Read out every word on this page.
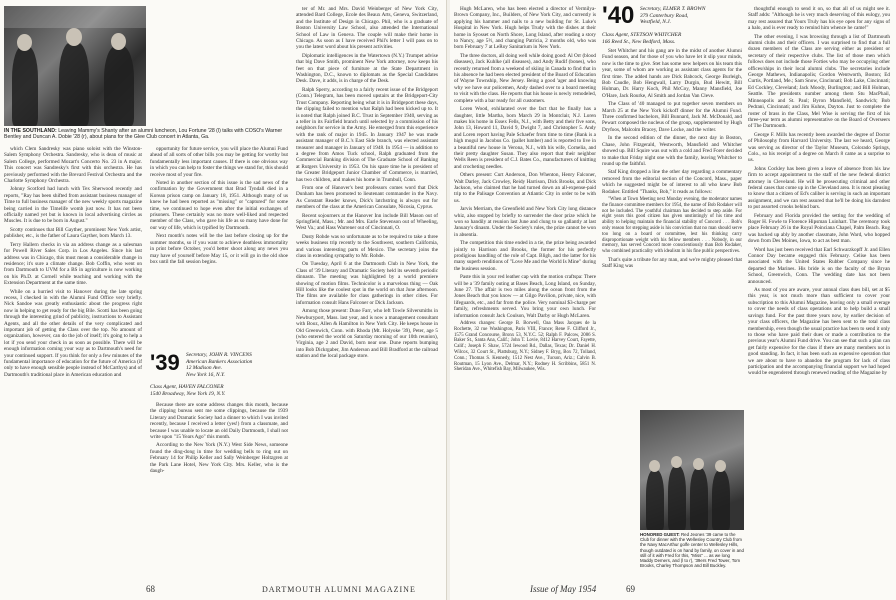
IN THE SOUTHLAND: Leaving Mammy's Shanty after an alumni luncheon, Lou Fortune '28 (l) talks with COSO's Warner Bentley and Duncan A. Dobie '28 (r), about plans for the Glee Club concert in Atlanta, Ga.

which Clem Sandresky was piano soloist with the Winston-Salem Symphony Orchestra. Sandresky, who is dean of music at Salem College, performed Mozart's Concerto No. 23 in A major. This concert was Sandresky's first with this orchestra. He has previously performed with the Brevard Festival Orchestra and the Charlotte Symphony Orchestra.

Johnny Scotford had lunch with Tex Sherwood recently and reports, "Ray has been shifted from assistant business manager of Time to full business manager of the new weekly sports magazine being carried in the Timelife womb just now. It has not been officially named yet but is known in local advertising circles as Muscles. It is due to be born in August."

Scotty continues that Bill Gayther, prominent New York artist, publisher, etc., is the father of Laura Gayther, born March 13.

Terry Hallern checks in via an address change as a salesman for Powell River Sales Corp. in Los Angeles. Since his last address was in Chicago, this must mean a considerable change in residence; it's sure a climate change. Bob Coffin, who went on from Dartmouth to UVM for a BS in agriculture is now working on his Ph.D. at Cornell while teaching and working with the Extension Department at the same time.

While on a hurried visit to Hanover during the late spring recess, I checked in with the Alumni Fund Office very briefly. Nick Sandoe was greatly enthusiastic about the progress right now in helping to get ready for the big Bile. Scotti has been going through the interesting grind of publicity, instructions to Assistant Agents, and all the other details of the very complicated and important job of getting the Class over the top. No amount of organization, however, can do the job of itself; it's going to help a lot if you send your check in as soon as possible. There will be enough information coming your way as to Dartmouth's need for your continued support. If you think for only a few minutes of the fundamental importance of education for the future of America (if only to have enough sensible people instead of McCarthys) and of Dartmouth's traditional place in American education and

opportunity for future service, you will place the Alumni Fund ahead of all sorts of other bills you may be getting for worthy but fundamentally less important causes. If there is one obvious way in which you can help to foster the things we stand for, this should receive most of your fire.

Noted in another section of this issue is the sad news of the confirmation by the Government that Brad Tyndall died in a Korean prison camp on January 18, 1951. Although many of us knew he had been reported as "missing" or "captured" for some time, we continued to hope even after the initial exchanges of prisoners. These certainly was no more well-liked and respected member of the Class, who gave his life as so many have done for our way of life, which is typified by Dartmouth.

Next month's notes will be the last before closing up for the summer months, so if you want to achieve deathless immortality in print before October, you'd better shoot along any news you may have of yourself before May 15, or it will go in the old shoe box until the fall session begins.

'39 Secretary, JOHN R. VINCENS
American Bankers Association
12 Madison Ave.
New York 16, N.Y.
Class Agent, HAVEN FALCONER
1540 Broadway, New York 19, N.Y.

Because there are some address changes this month, because the clipping bureau sent me some clippings, because the 1939 Literary and Dramatic Society had a dinner to which I was invited recently, because I received a letter (yes!) from a classmate, and because I was unable to locate an old Daily Dartmouth, I shall not write upon "15 Years Ago" this month.

According to the New York (N.Y.) West Side News, someone found the ding-dong in time for wedding bells to ring out on February 14 for Philip Keller and Sally Weinberger Holtzgren at the Park Lane Hotel, New York City. Mrs. Keller, who is the daugh-

ter of Mr. and Mrs. David Weinberger of New York City, attended Bard College, Ecole des Beaux Arts, Geneva, Switzerland, and the Institute of Design in Chicago. Phil, who is a graduate of Boston University Law School, also attended the International School of Law in Geneva. The couple will make their home in Chicago. As soon as I have received Phil's letter I will pass on to you the latest word about his present activities.

Diplomatic intelligences in the Watertown (N.Y.) Trumpet advise that big Dave Smith, prominent New York attorney, now keeps his feet on that piece of furniture at the State Department in Washington, D.C., known to diplomats as the Special Candidates Desk. Dave, it adds, is in charge of the Desk.

Ralph Sperry, according to a fairly recent issue of the Bridgeport (Conn.) Telegram, has been moved upstairs at the Bridgeport-City Trust Company. Reporting being what it is in Bridgeport these days, the clipping failed to mention what Ralph had been kicked up to. It is noted that Ralph joined B.C. Trust in September 1940, serving as a teller in its Fairfield branch until selected by a commission of his neighbors for service in the Army. He emerged from this experience with the rank of major in 1945. In January 1947 he was made assistant manager of B.C.'s East Side branch, was elected assistant treasurer and manager in January of 1948. In 1954 — in addition to a degree from Amos Tuck school, Ralph graduated from the Commercial Banking division of The Graduate School of Banking at Rutgers University in 1953. On his spare time he is president of the Greater Bridgeport Junior Chamber of Commerce, is married, has two children, and makes his home in Trumbull, Conn.

From one of Hanover's best professors comes word that Dick Dunham has been promoted to lieutenant commander in the Navy. As Constant Reader knows, Dick's latchstring is always out for members of the class at the American Consulate, Nicosia, Cyprus.

Recent sojourners at the Hanover Inn include Bill Mason out of Springfield, Mass.; Mr. and Mrs. Earle Stevenson out of Wheeling, West Va.; and Hass Warrener out of Cincinnati, O.

Dusty Rohde was so unfortunate as to be required to take a three weeks business trip recently to the Southwest, southern California, and various interesting parts of Mexico. The secretary joins the class in extending sympathy to Mr. Rohde.

On Tuesday, April 6 at the Dartmouth Club in New York, the Class of '39 Literary and Dramatic Society held its seventh periodic dinnasm. The meeting was highlighted by a world premiere showing of motion films. Technicolor is a marvelous thing — Oak Hill looks like the coolest spot in the world on that June afternoon. The films are available for class gatherings in other cities. For information consult Hans Falconer or Dick Jackson.

Among those present: Dune Farr, who left Towle Silversmiths in Newburyport, Mass. last year, and is now a management consultant with Booz, Allen & Hamilton in New York City. He keeps house in Old Greenwich, Conn. with Rhoda (Mt. Holyoke '39), Peter, age 5 (who entered the world on Saturday morning of our 10th reunion), Virginia, age 2 and David, born near one. Dune reports bumping into Bob Dickrgaber, Jim Anderson and Bill Bradford at the railroad station and the local package store.

68	DARTMOUTH ALUMNI MAGAZINE

Hugh McLaren, who has been elected a director of Vermilya-Brown Company, Inc., Builders, of New York City, and currently is applying his hammer and nails to a new building for St. Luke's Hospital in New York. Hugh helps Trudy with the dishes at their home in Syosset on North Shore, Long Island, after reading a story to Nancy, age 5½, and changing Patricia, 2 months old, who was born February 7 at LeRoy Sanitarium in New York.

The three doctors, all doing well while doing good: Al Orr (blood diseases), Jack Kuhlke (all diseases), and Andy Rudif (bones), who recently returned from a weekend of skiing in Canada to find that in his absence he had been elected president of the Board of Education of Wayne Township, New Jersey. Being a good 'ager and knowing why we have our policemen, Andy dashed over to a board meeting to visit with the class. He reports that his house is newly remodeled, complete with a bar ready for all customers.

Loren Wood, exhilarated over the fact that he finally has a daughter, little Martha, born March 29 in Montclair, N.J. Loren makes his home in Essex Fells, N.J., with Betty and their five sons, John 13, Howard 11, David 9, Dwight 7, and Christopher 5. Andy and Loren report having Pale Schaefer from time to time (Bank is a high mogul in Jacobus Co. (pallet lumber) and is reported to live in a beautiful new house in Verona, N.J., with his wife, Cornelia, and their pretty daughter Susan. They also report that their neighbor Wells Reen is president of C.J. Bates Co., manufacturers of knitting and crocheting needles.

Others present: Curt Anderson, Don Whenton, Henry Falconer, Walt Darley, Jack Crowley, Reidy Harrison, Dick Brooks, and Dick Jackson, who claimed that he had turned down an all-expense-paid trip to the Palisage Convention at Atlantic City in order to be with us.

Jarvis Merriam, the Greenfield and New York City long distance whiz, also stopped by briefly to surrender the door prize which he won so handily at reunion last June and clung to so gallantly at last January's dinasm. Under the Society's rules, the prize cannot be won in absentia.

The competition this time ended in a tie, the prize being awarded jointly to Harrison and Brooks, the former for his perfectly prodigious handling of the role of Capt. Bligh, and the latter for his many superb renditions of "Love Me and the World Is Mine" during the business session.

Paste this in your red leather cap with the motion craftspa: There will be a '39 family outing at Bases Beach, Long Island, on Sunday, June 27. The affair is two miles along the ocean front from the Jones Beach that you know — at Gilgo Pavilion, private, nice, with lifeguards, etc., and far from the police. Very nominal $3-charge per family, refreshments served. You bring your own lunch. For information consult Jack Coulson, Walt Darby or Hugh McLaren.

Address changes: George B. Borwell, Oaa Mass Jacques de la Rochette, 32 rue Washington, Paris VIII, France; Rene F. Clifford Jr., 1575 Grand Concourse, Bronx 53, N.Y.C. 52; Ralph F. Palcow, 2086 S. Baker St., Santa Ana, Calif.; John T. Lovie, 8412 Harvey Court, Fayette, Calif.; Joseph F. Shaw, 5724 Iewood Rd., Dallas, Texas; Dr. Daniel H. Wilcox, 32 Court St., Plattsburg, N.Y.; Sidney F. Bryg, Box 72, Tolland, Conn.; Thomas S. Kennedy, 1512 Nest Ave., Tucson, Ariz.; Calvin B. Routman, 15 Lyon Ave., Delmar, N.Y.; Rodney H. Scribbins, 5851 N. Sheridan Ave., Whitefish Bay, Milwaukee, Wis.

'40 Secretary, ELMER T. BROWN
379 Canterbury Road,
Westfield, N.J.
Class Agent, STETSON WHITCHER
166 Reed St., New Bedford, Mass.

Stet Whitcher and his gang are in the midst of another Alumni Fund season, and for those of you who have let it slip your minds, now is the time to give. Stet has some new helpers on his team this year, some of whom are working as assistant class agents for the first time. The added hands are Dick Babcock, George Burleigh, Bob Caudle, Bob Hengwall, Larry Durgin, Bud Hewitt, Bill Holman, Dr. Harry Koch, Phil McCoy, Manny Mansfield, Joe O'Hare, Jack Rourke, Al Smith and Jordan Van Cleve.

The Class of '40 managed to put together seven members on March 25 at the New York kickoff dinner for the Alumni Fund. Three confirmed bachelors, Bill Bunnard, Jack M. McDonald, and Pewart composed the nucleus of the group, supplemented by Hugh Dryfoos, Malcolm Bracey, Dave Locke, and the writer.

In the second edition of the dinner, the next day in Boston, Chase, John Fitzgerald, Westworth, Mansfield and Whitcher showed up. Bill Squire was out with a cold and Fred Forer decided to make that Friday night one with the family, leaving Whitcher to round up the faithful.

Staf King dropped a line the other day regarding a commentary removed from the editorial section of the Concord, Mass., paper which he suggested might be of interest to all who knew Bob Rodaker. Entitled "Thanks, Bob," it reads as follows:

"When at Town Meeting next Monday evening, the moderator names the finance committee members for 1954, the name of Bob Rodaker will not be included. The youthful chairman has decided to step aside. For eight years this good citizen has given unstintingly of his time and ability to helping maintain the financial stability of Concord . . . Bob's only reason for stepping aside is his conviction that no man should serve too long on a board or committee, lest his thinking carry disproportionate weight with his fellow members . . . Nobody, in our memory, has served Concord more conscientiously than Bob Rodaker, who combined practicality with idealism in his fine public perspectives.

That's quite a tribute for any man, and we're mighty pleased that Staff King was

thoughtful enough to send it on, so that all of us might see it. Staff adds: "Although he is very much deserving of this eulogy, you may rest assured that Yours Truly has his eye open for any signs of a halo, and is ever ready to remind him whence he came!"

The other evening, I was browsing through a list of Dartmouth alumni clubs and their officers. I was surprised to find that a full dozen members of the Class are serving either as president or secretary of their respective clubs. The list of those men which follows does not include those Forties who may be occupying other offices/ships in their local alumni clubs. The secretaries include George Mathews, Indianapolis; Gordon Wentworth, Boston; Ed Curtis, Portland, Me.; Sam Snow, Cincinnati; Bob Lake, Cincinnati; Ed Cockley, Cleveland; Jack Moody, Burlington; and Bill Holman, Seattle. The presidents number among them Stu MacPhail, Minneapolis and St. Paul; Byron Mansfield, Sandwich; Bob Pedrani, Cincinnati; and Jim Kuhns, Dayton. Just to complete the roster of brass in the Class, Mel Wise is serving the first of his three-year term as alumni representative on the Board of Overseers of The Dartmouth.

George F. Mills has recently been awarded the degree of Doctor of Philosophy from Harvard University. The last we heard, George was serving as director of the Taylor Museum, Colorado Springs, Colo., so his receipt of a degree on March 8 came as a surprise to us.

Johns Cockley has been given a leave of absence from his law firm to accept appointment to the staff of the new federal district attorney in Cleveland. He will be prosecuting criminal and other federal cases that come up in the Cleveland area. It is most pleasing to know that a citizen of Ed's caliber is serving in such an important assignment, and we can rest assured that he'll be doing his darndest to put assorted crooks behind bars.

February and Florida provided the setting for the wedding of Roger H. Fowle to Florence Hipsman Luinhart. The ceremony took place February 26 in the Royal Poinciana Chapel, Palm Beach. Rog was backed up ably by another classmate, John Ward, who hopped down from Des Moines, Iowa, to act as best man.

Word has just been received that Earl Schwarzkopff Jr. and Ellen Connor Day became engaged this February. Celise has been associated with the United States Rubber Company since he departed the Marines. His bride is on the faculty of the Bryan School, Greenwich, Conn. The wedding date has not been announced.

As most of you are aware, your annual class dues bill, set at $5 this year, is not much more than sufficient to cover your subscription to this Alumni Magazine, leaving only a small overage to cover the needs of class operations and to help build a small savings fund. For the past three years now, by earlier decision of your class officers, the Magazine has been sent to the total class membership, even though the usual practice has been to send it only to those who have paid their dues or made a contribution to the previous year's Alumni Fund drive. You can see that such a plan can get fairly expensive for the class if there are many members not in good standing. In fact, it has been such an expensive operation that we are about to have to abandon the program for lack of class participation and the accompanying financial support we had hoped would be engendered through renewed reading of the Magazine by

HONORED GUEST: Red Jeones '39 came to the Club for dinner with the Wellesley Country Club from the Navy MacArthur golfe center to Wellesley Hills, though outdated is on hand by family, on cover in and still of it with Fred for this, "Miss" ... as we long Maddy Demers, and (l to r), '39ers Fred Tower, Tom Brooks, Charley Thompson and Bill Buckley.
Issue of May 1954	69
